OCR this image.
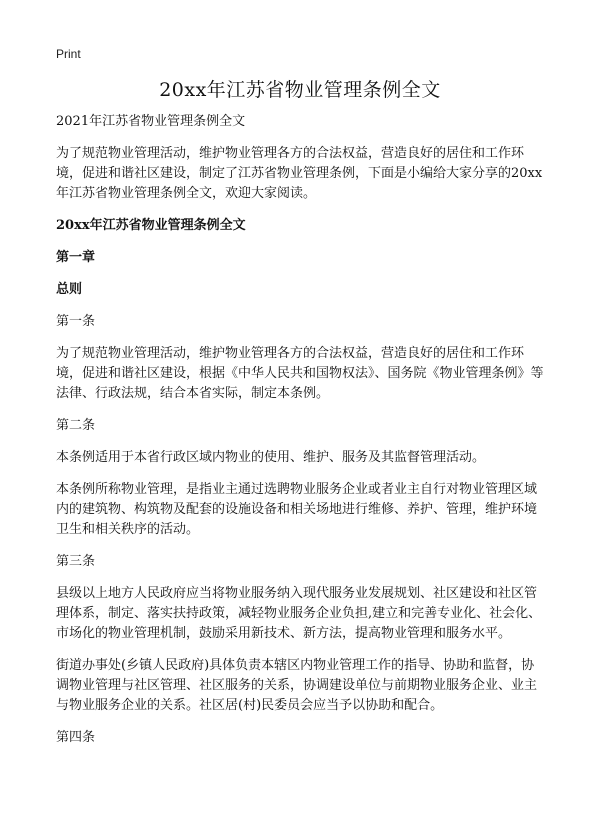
Print
20xx年江苏省物业管理条例全文

2021年江苏省物业管理条例全文

为了规范物业管理活动，维护物业管理各方的合法权益，营造良好的居住和工作环境，促进和谐社区建设，制定了江苏省物业管理条例，下面是小编给大家分享的20xx年江苏省物业管理条例全文，欢迎大家阅读。

20xx年江苏省物业管理条例全文

第一章

总则

第一条

为了规范物业管理活动，维护物业管理各方的合法权益，营造良好的居住和工作环境，促进和谐社区建设，根据《中华人民共和国物权法》、国务院《物业管理条例》等法律、行政法规，结合本省实际，制定本条例。

第二条

本条例适用于本省行政区域内物业的使用、维护、服务及其监督管理活动。

本条例所称物业管理，是指业主通过选聘物业服务企业或者业主自行对物业管理区域内的建筑物、构筑物及配套的设施设备和相关场地进行维修、养护、管理，维护环境卫生和相关秩序的活动。

第三条

县级以上地方人民政府应当将物业服务纳入现代服务业发展规划、社区建设和社区管理体系，制定、落实扶持政策，减轻物业服务企业负担,建立和完善专业化、社会化、市场化的物业管理机制，鼓励采用新技术、新方法，提高物业管理和服务水平。

街道办事处(乡镇人民政府)具体负责本辖区内物业管理工作的指导、协助和监督，协调物业管理与社区管理、社区服务的关系，协调建设单位与前期物业服务企业、业主与物业服务企业的关系。社区居(村)民委员会应当予以协助和配合。

第四条
